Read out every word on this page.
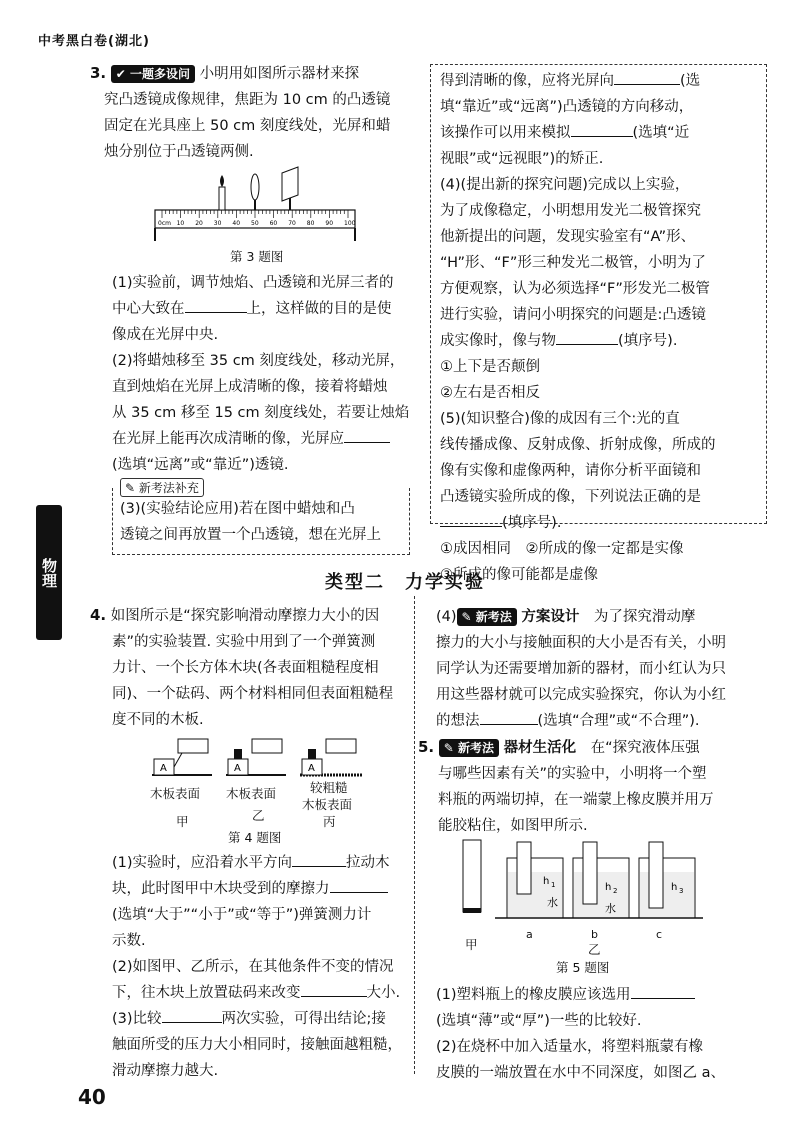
中考黑白卷(湖北)
物理

3. ✔ 一题多设问 小明用如图所示器材来探

究凸透镜成像规律，焦距为 10 cm 的凸透镜

固定在光具座上 50 cm 刻度线处，光屏和蜡

烛分别位于凸透镜两侧.

0cm 10 20 30 40 50 60 70 80 90 100
第 3 题图

(1)实验前，调节烛焰、凸透镜和光屏三者的

中心大致在	上，这样做的目的是使

像成在光屏中央.

(2)将蜡烛移至 35 cm 刻度线处，移动光屏，

直到烛焰在光屏上成清晰的像，接着将蜡烛

从 35 cm 移至 15 cm 刻度线处，若要让烛焰

在光屏上能再次成清晰的像，光屏应

(选填“远离”或“靠近”)透镜.

✎ 新考法补充

(3)(实验结论应用)若在图中蜡烛和凸

透镜之间再放置一个凸透镜，想在光屏上

得到清晰的像，应将光屏向	(选

填“靠近”或“远离”)凸透镜的方向移动，

该操作可以用来模拟	(选填“近

视眼”或“远视眼”)的矫正.

(4)(提出新的探究问题)完成以上实验，

为了成像稳定，小明想用发光二极管探究

他新提出的问题，发现实验室有“A”形、

“H”形、“F”形三种发光二极管，小明为了

方便观察，认为必须选择“F”形发光二极管

进行实验，请问小明探究的问题是:凸透镜

成实像时，像与物	(填序号).

①上下是否颠倒

②左右是否相反

(5)(知识整合)像的成因有三个:光的直

线传播成像、反射成像、折射成像，所成的

像有实像和虚像两种，请你分析平面镜和

凸透镜实验所成的像，下列说法正确的是

(填序号).

①成因相同　②所成的像一定都是实像

③所成的像可能都是虚像

类型二　力学实验

4. 如图所示是“探究影响滑动摩擦力大小的因

素”的实验装置. 实验中用到了一个弹簧测

力计、一个长方体木块(各表面粗糙程度相

同)、一个砝码、两个材料相同但表面粗糙程

度不同的木板.

A	A	A
木板表面 木板表面	较粗糙
木板表面
甲	乙	丙
第 4 题图

(1)实验时，应沿着水平方向	拉动木

块，此时图甲中木块受到的摩擦力

(选填“大于”“小于”或“等于”)弹簧测力计

示数.

(2)如图甲、乙所示，在其他条件不变的情况

下，往木块上放置砝码来改变	大小.

(3)比较	两次实验，可得出结论;接

触面所受的压力大小相同时，接触面越粗糙，

滑动摩擦力越大.

(4) ✎ 新考法 方案设计　 为了探究滑动摩

擦力的大小与接触面积的大小是否有关，小明

同学认为还需要增加新的器材，而小红认为只

用这些器材就可以完成实验探究，你认为小红

的想法	(选填“合理”或“不合理”).

5. ✎ 新考法 器材生活化　 在“探究液体压强

与哪些因素有关”的实验中，小明将一个塑

料瓶的两端切掉，在一端蒙上橡皮膜并用万

能胶粘住，如图甲所示.

h 1	h 2	h 3
水	水
甲
a	b	c
乙
第 5 题图

(1)塑料瓶上的橡皮膜应该选用

(选填“薄”或“厚”)一些的比较好.

(2)在烧杯中加入适量水，将塑料瓶蒙有橡

皮膜的一端放置在水中不同深度，如图乙 a、

40
